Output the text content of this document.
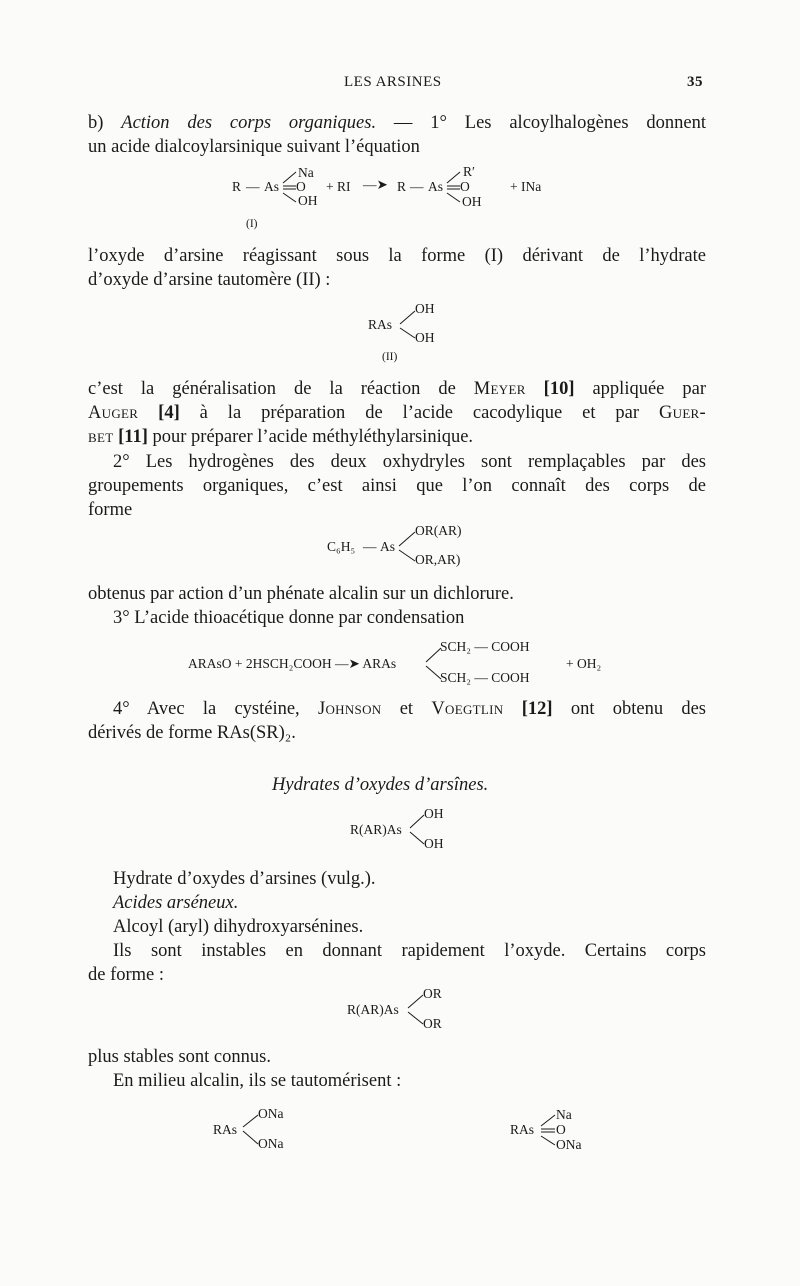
LES ARSINES	35
b) Action des corps organiques. — 1° Les alcoylhalogènes donnent
un acide dialcoylarsinique suivant l’équation
R — As O
Na
OH
+ RI —➤ R — As O
R′
OH
+ INa
(I)
l’oxyde d’arsine réagissant sous la forme (I) dérivant de l’hydrate
d’oxyde d’arsine tautomère (II) :
RAs
OH
OH
(II)
c’est la généralisation de la réaction de Meyer [10] appliquée par
Auger [4] à la préparation de l’acide cacodylique et par Guer-
bet [11] pour préparer l’acide méthyléthylarsinique.
2° Les hydrogènes des deux oxhydryles sont remplaçables par des
groupements organiques, c’est ainsi que l’on connaît des corps de
forme
C₆H₅ — As
OR(AR)
OR,AR)
obtenus par action d’un phénate alcalin sur un dichlorure.
3° L’acide thioacétique donne par condensation
ARAsO + 2HSCH₂COOH —➤ ARAs
SCH₂ — COOH
SCH₂ — COOH
+ OH₂
4° Avec la cystéine, Johnson et Voegtlin [12] ont obtenu des
dérivés de forme RAs(SR)₂.
Hydrates d’oxydes d’arsînes.
R(AR)As
OH
OH
Hydrate d’oxydes d’arsines (vulg.).
Acides arséneux.
Alcoyl (aryl) dihydroxyarsénines.
Ils sont instables en donnant rapidement l’oxyde. Certains corps
de forme :
R(AR)As
OR
OR
plus stables sont connus.
En milieu alcalin, ils se tautomérisent :
RAs
ONa
ONa
RAs
Na
O
ONa
